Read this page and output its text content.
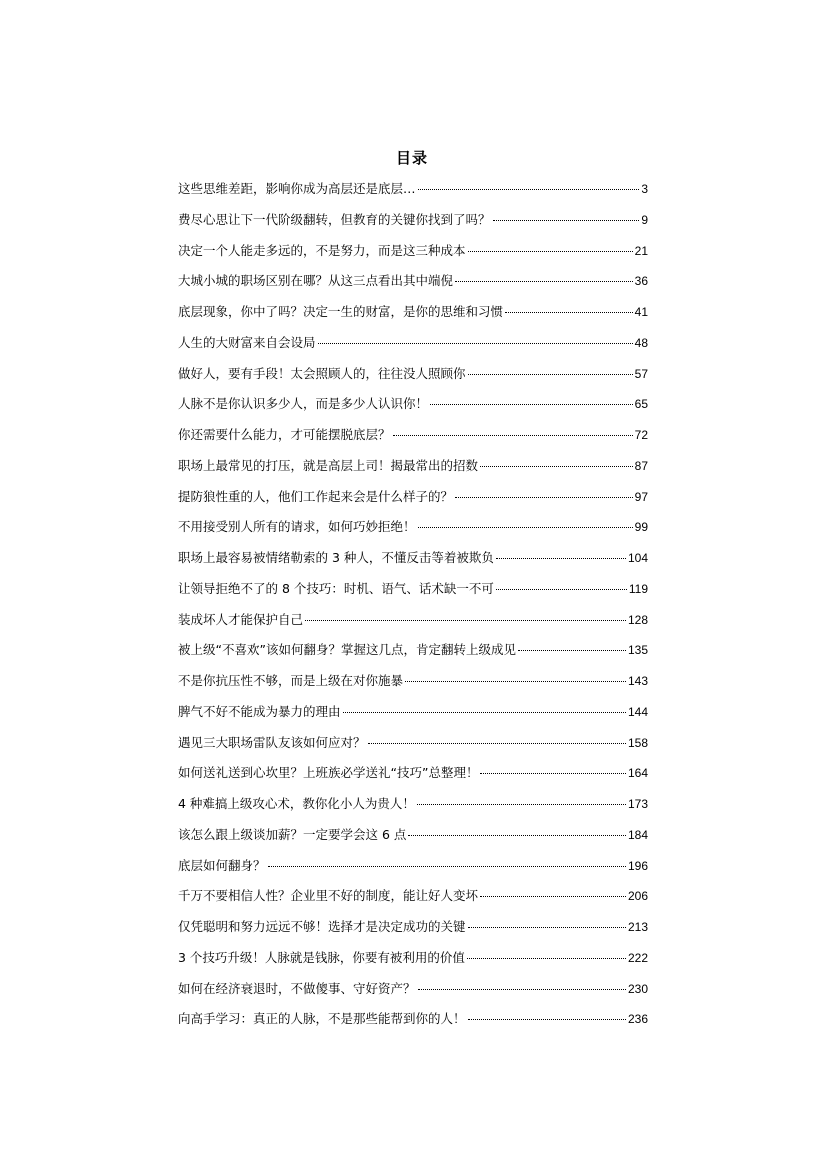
目录
这些思维差距，影响你成为高层还是底层…	3
费尽心思让下一代阶级翻转，但教育的关键你找到了吗？	9
决定一个人能走多远的，不是努力，而是这三种成本	21
大城小城的职场区别在哪？从这三点看出其中端倪	36
底层现象，你中了吗？决定一生的财富，是你的思维和习惯	41
人生的大财富来自会设局	48
做好人，要有手段！太会照顾人的，往往没人照顾你	57
人脉不是你认识多少人，而是多少人认识你！	65
你还需要什么能力，才可能摆脱底层？	72
职场上最常见的打压，就是高层上司！揭最常出的招数	87
提防狼性重的人，他们工作起来会是什么样子的？	97
不用接受别人所有的请求，如何巧妙拒绝！	99
职场上最容易被情绪勒索的 3 种人，不懂反击等着被欺负	104
让领导拒绝不了的 8 个技巧：时机、语气、话术缺一不可	119
装成坏人才能保护自己	128
被上级“不喜欢”该如何翻身？掌握这几点，肯定翻转上级成见	135
不是你抗压性不够，而是上级在对你施暴	143
脾气不好不能成为暴力的理由	144
遇见三大职场雷队友该如何应对？	158
如何送礼送到心坎里？上班族必学送礼“技巧”总整理！	164
4 种难搞上级攻心术，教你化小人为贵人！	173
该怎么跟上级谈加薪？一定要学会这 6 点	184
底层如何翻身？	196
千万不要相信人性？企业里不好的制度，能让好人变坏	206
仅凭聪明和努力远远不够！选择才是决定成功的关键	213
3 个技巧升级！人脉就是钱脉，你要有被利用的价值	222
如何在经济衰退时，不做傻事、守好资产？	230
向高手学习：真正的人脉，不是那些能帮到你的人！	236
